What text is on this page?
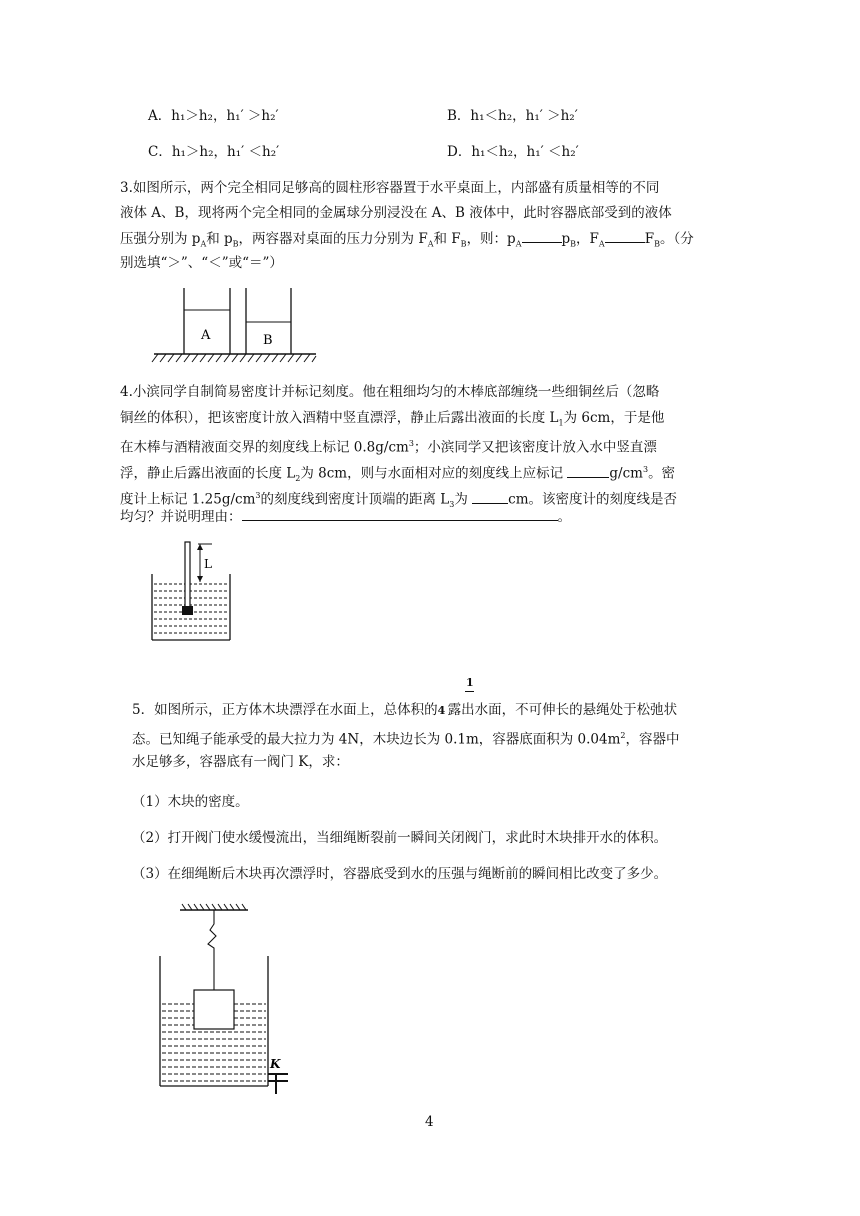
A．h₁＞h₂，h₁′ ＞h₂′	B．h₁＜h₂，h₁′ ＞h₂′
C．h₁＞h₂，h₁′ ＜h₂′	D．h₁＜h₂，h₁′ ＜h₂′
3.如图所示，两个完全相同足够高的圆柱形容器置于水平桌面上，内部盛有质量相等的不同
液体 A、B，现将两个完全相同的金属球分别浸没在 A、B 液体中，此时容器底部受到的液体
压强分别为 $p_A$和 $p_B$，两容器对桌面的压力分别为 $F_A$和 $F_B$，则：$p_A$	$p_B$，$F_A$	$F_B$。（分
别选填“＞”、“＜”或“＝”）
A	B
4.小滨同学自制简易密度计并标记刻度。他在粗细均匀的木棒底部缠绕一些细铜丝后（忽略
铜丝的体积），把该密度计放入酒精中竖直漂浮，静止后露出液面的长度 $L_1$为 6cm，于是他
在木棒与酒精液面交界的刻度线上标记 $0.8g/cm^3$；小滨同学又把该密度计放入水中竖直漂
浮，静止后露出液面的长度 $L_2$为 8cm，则与水面相对应的刻度线上应标记	$g/cm^3$。密
度计上标记 $1.25g/cm^3$的刻度线到密度计顶端的距离 $L_3$为	cm。该密度计的刻度线是否
均匀？并说明理由：	。
L
1
5．如图所示，正方体木块漂浮在水面上，总体积的4 露出水面，不可伸长的悬绳处于松弛状
态。已知绳子能承受的最大拉力为 4N，木块边长为 0.1m，容器底面积为 $0.04m^2$，容器中
水足够多，容器底有一阀门 K，求：
（1）木块的密度。
（2）打开阀门使水缓慢流出，当细绳断裂前一瞬间关闭阀门，求此时木块排开水的体积。
（3）在细绳断后木块再次漂浮时，容器底受到水的压强与绳断前的瞬间相比改变了多少。
K
4
